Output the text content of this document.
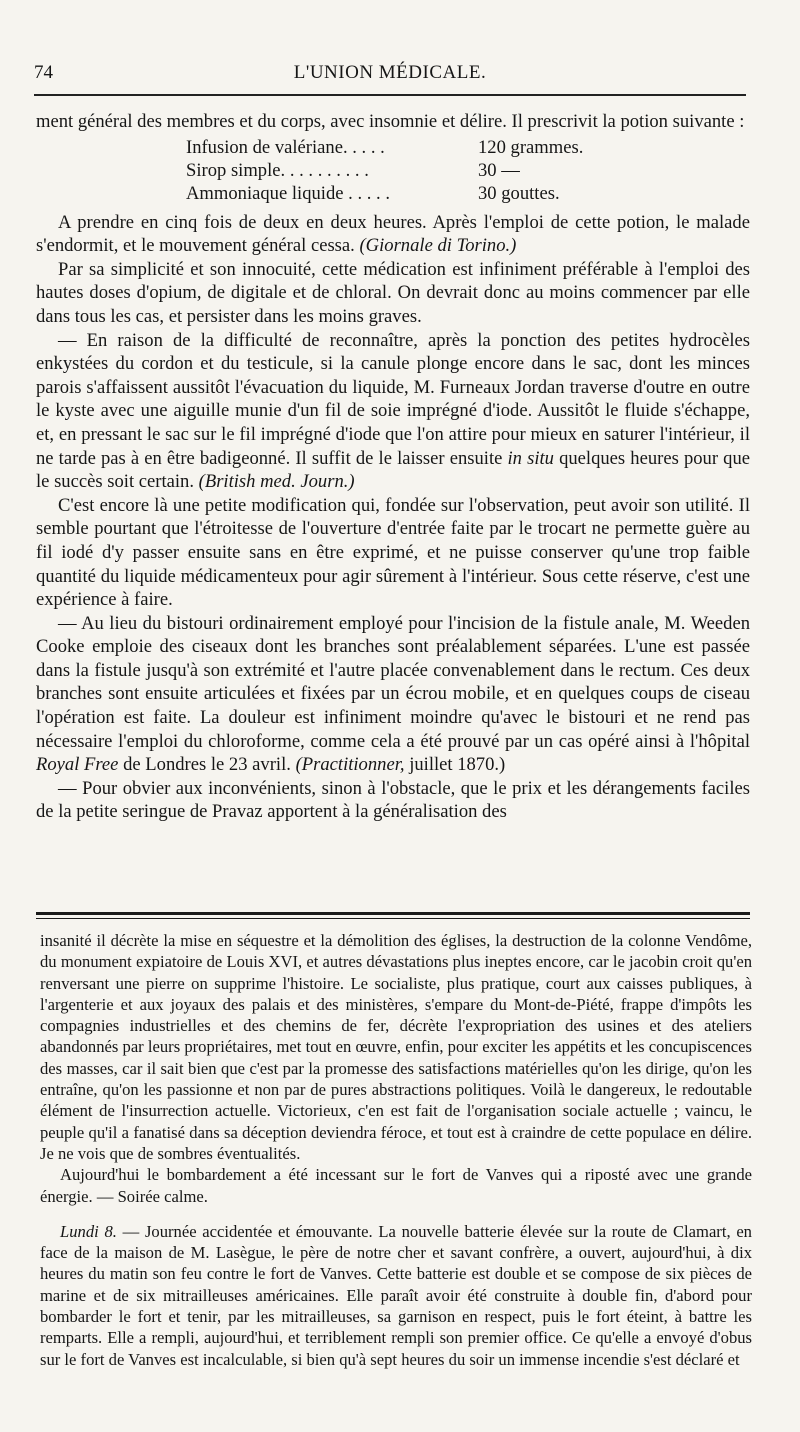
74	L'UNION MÉDICALE.

ment général des membres et du corps, avec insomnie et délire. Il prescrivit la potion suivante :

Infusion de valériane. . . . .	120 grammes.
Sirop simple. . . . . . . . . .	30 —
Ammoniaque liquide . . . . .	30 gouttes.

A prendre en cinq fois de deux en deux heures. Après l'emploi de cette potion, le malade s'endormit, et le mouvement général cessa. (Giornale di Torino.)

Par sa simplicité et son innocuité, cette médication est infiniment préférable à l'emploi des hautes doses d'opium, de digitale et de chloral. On devrait donc au moins commencer par elle dans tous les cas, et persister dans les moins graves.

— En raison de la difficulté de reconnaître, après la ponction des petites hydrocèles enkystées du cordon et du testicule, si la canule plonge encore dans le sac, dont les minces parois s'affaissent aussitôt l'évacuation du liquide, M. Furneaux Jordan traverse d'outre en outre le kyste avec une aiguille munie d'un fil de soie imprégné d'iode. Aussitôt le fluide s'échappe, et, en pressant le sac sur le fil imprégné d'iode que l'on attire pour mieux en saturer l'intérieur, il ne tarde pas à en être badigeonné. Il suffit de le laisser ensuite in situ quelques heures pour que le succès soit certain. (British med. Journ.)

C'est encore là une petite modification qui, fondée sur l'observation, peut avoir son utilité. Il semble pourtant que l'étroitesse de l'ouverture d'entrée faite par le trocart ne permette guère au fil iodé d'y passer ensuite sans en être exprimé, et ne puisse conserver qu'une trop faible quantité du liquide médicamenteux pour agir sûrement à l'intérieur. Sous cette réserve, c'est une expérience à faire.

— Au lieu du bistouri ordinairement employé pour l'incision de la fistule anale, M. Weeden Cooke emploie des ciseaux dont les branches sont préalablement séparées. L'une est passée dans la fistule jusqu'à son extrémité et l'autre placée convenablement dans le rectum. Ces deux branches sont ensuite articulées et fixées par un écrou mobile, et en quelques coups de ciseau l'opération est faite. La douleur est infiniment moindre qu'avec le bistouri et ne rend pas nécessaire l'emploi du chloroforme, comme cela a été prouvé par un cas opéré ainsi à l'hôpital Royal Free de Londres le 23 avril. (Practitionner, juillet 1870.)

— Pour obvier aux inconvénients, sinon à l'obstacle, que le prix et les dérangements faciles de la petite seringue de Pravaz apportent à la généralisation des

insanité il décrète la mise en séquestre et la démolition des églises, la destruction de la colonne Vendôme, du monument expiatoire de Louis XVI, et autres dévastations plus ineptes encore, car le jacobin croit qu'en renversant une pierre on supprime l'histoire. Le socialiste, plus pratique, court aux caisses publiques, à l'argenterie et aux joyaux des palais et des ministères, s'empare du Mont-de-Piété, frappe d'impôts les compagnies industrielles et des chemins de fer, décrète l'expropriation des usines et des ateliers abandonnés par leurs propriétaires, met tout en œuvre, enfin, pour exciter les appétits et les concupiscences des masses, car il sait bien que c'est par la promesse des satisfactions matérielles qu'on les dirige, qu'on les entraîne, qu'on les passionne et non par de pures abstractions politiques. Voilà le dangereux, le redoutable élément de l'insurrection actuelle. Victorieux, c'en est fait de l'organisation sociale actuelle ; vaincu, le peuple qu'il a fanatisé dans sa déception deviendra féroce, et tout est à craindre de cette populace en délire. Je ne vois que de sombres éventualités.

Aujourd'hui le bombardement a été incessant sur le fort de Vanves qui a riposté avec une grande énergie. — Soirée calme.

Lundi 8. — Journée accidentée et émouvante. La nouvelle batterie élevée sur la route de Clamart, en face de la maison de M. Lasègue, le père de notre cher et savant confrère, a ouvert, aujourd'hui, à dix heures du matin son feu contre le fort de Vanves. Cette batterie est double et se compose de six pièces de marine et de six mitrailleuses américaines. Elle paraît avoir été construite à double fin, d'abord pour bombarder le fort et tenir, par les mitrailleuses, sa garnison en respect, puis le fort éteint, à battre les remparts. Elle a rempli, aujourd'hui, et terriblement rempli son premier office. Ce qu'elle a envoyé d'obus sur le fort de Vanves est incalculable, si bien qu'à sept heures du soir un immense incendie s'est déclaré et
